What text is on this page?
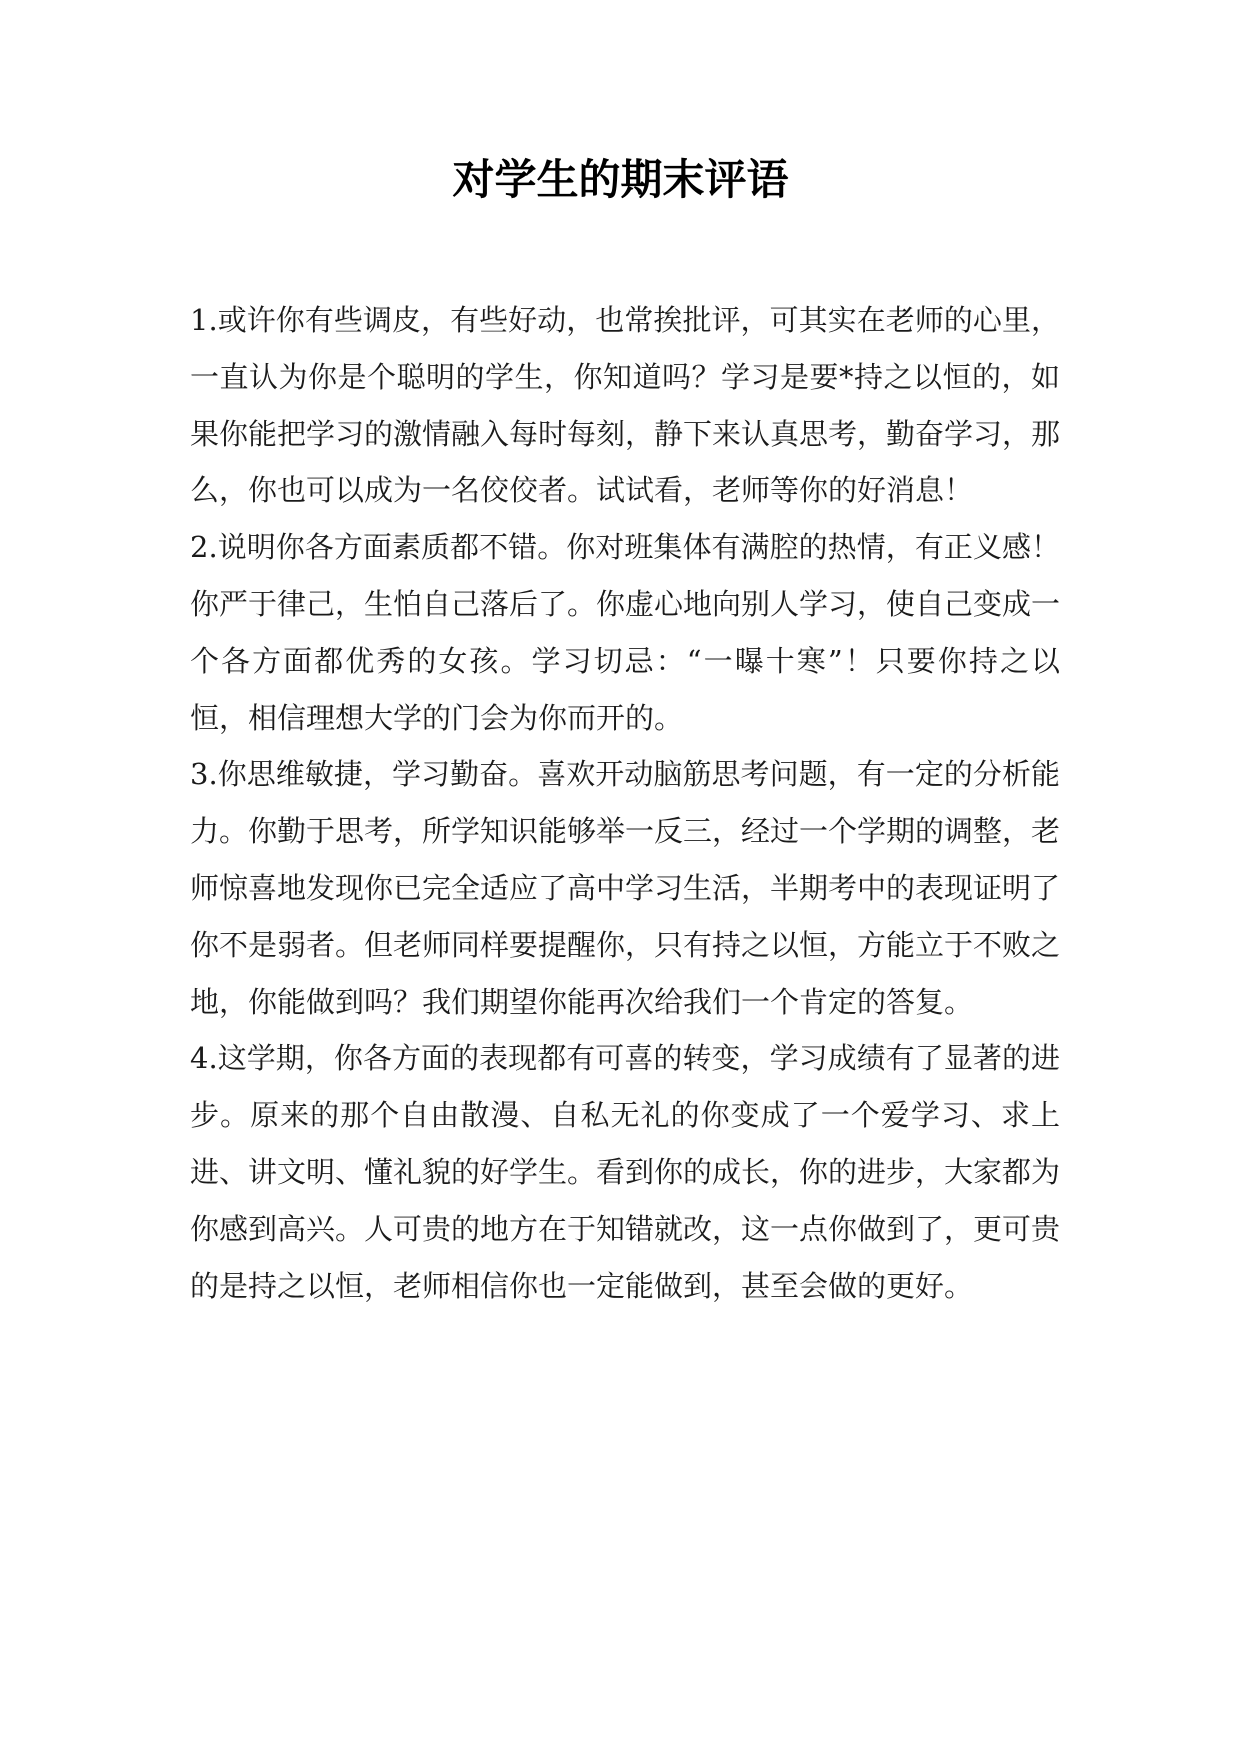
对学生的期末评语

1.或许你有些调皮，有些好动，也常挨批评，可其实在老师的心里，一直认为你是个聪明的学生，你知道吗？学习是要*持之以恒的，如果你能把学习的激情融入每时每刻，静下来认真思考，勤奋学习，那么，你也可以成为一名佼佼者。试试看，老师等你的好消息！

2.说明你各方面素质都不错。你对班集体有满腔的热情，有正义感！你严于律己，生怕自己落后了。你虚心地向别人学习，使自己变成一个各方面都优秀的女孩。学习切忌：“一曝十寒”！只要你持之以恒，相信理想大学的门会为你而开的。

3.你思维敏捷，学习勤奋。喜欢开动脑筋思考问题，有一定的分析能力。你勤于思考，所学知识能够举一反三，经过一个学期的调整，老师惊喜地发现你已完全适应了高中学习生活，半期考中的表现证明了你不是弱者。但老师同样要提醒你，只有持之以恒，方能立于不败之地，你能做到吗？我们期望你能再次给我们一个肯定的答复。

4.这学期，你各方面的表现都有可喜的转变，学习成绩有了显著的进步。原来的那个自由散漫、自私无礼的你变成了一个爱学习、求上进、讲文明、懂礼貌的好学生。看到你的成长，你的进步，大家都为你感到高兴。人可贵的地方在于知错就改，这一点你做到了，更可贵的是持之以恒，老师相信你也一定能做到，甚至会做的更好。
